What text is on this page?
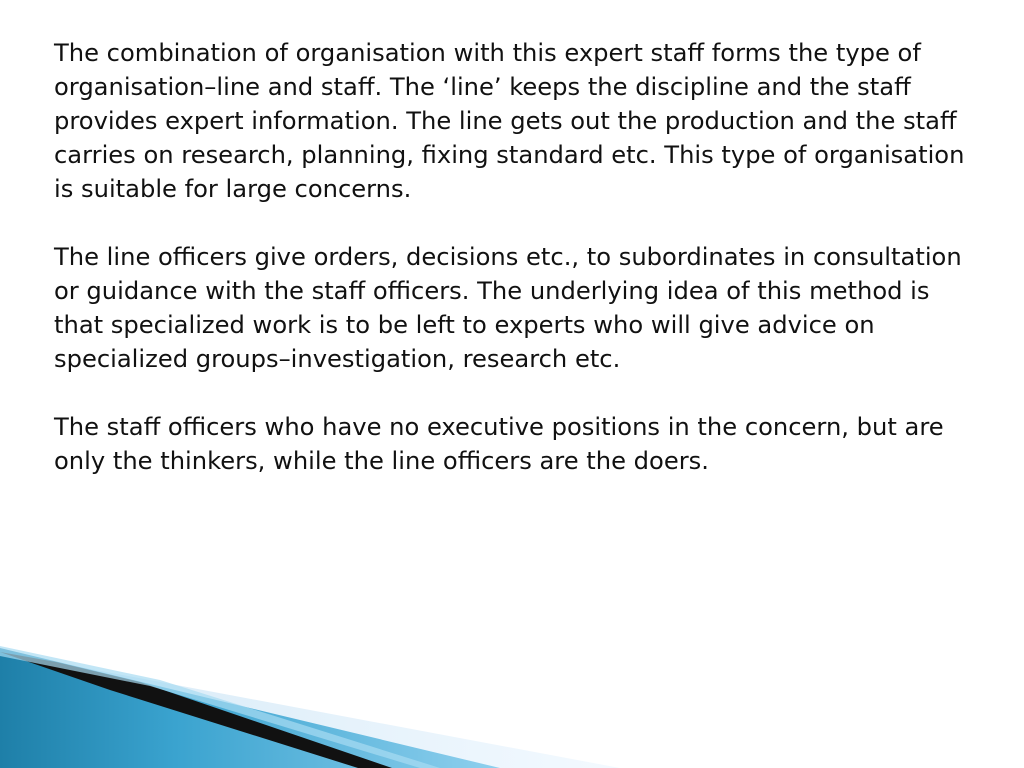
The combination of organisation with this expert staff forms the type of organisation–line and staff. The ‘line’ keeps the discipline and the staff provides expert information. The line gets out the production and the staff carries on research, planning, fixing standard etc. This type of organisation is suitable for large concerns.

The line officers give orders, decisions etc., to subordinates in consultation or guidance with the staff officers. The underlying idea of this method is that specialized work is to be left to experts who will give advice on specialized groups–investigation, research etc.

The staff officers who have no executive positions in the concern, but are only the thinkers, while the line officers are the doers.
